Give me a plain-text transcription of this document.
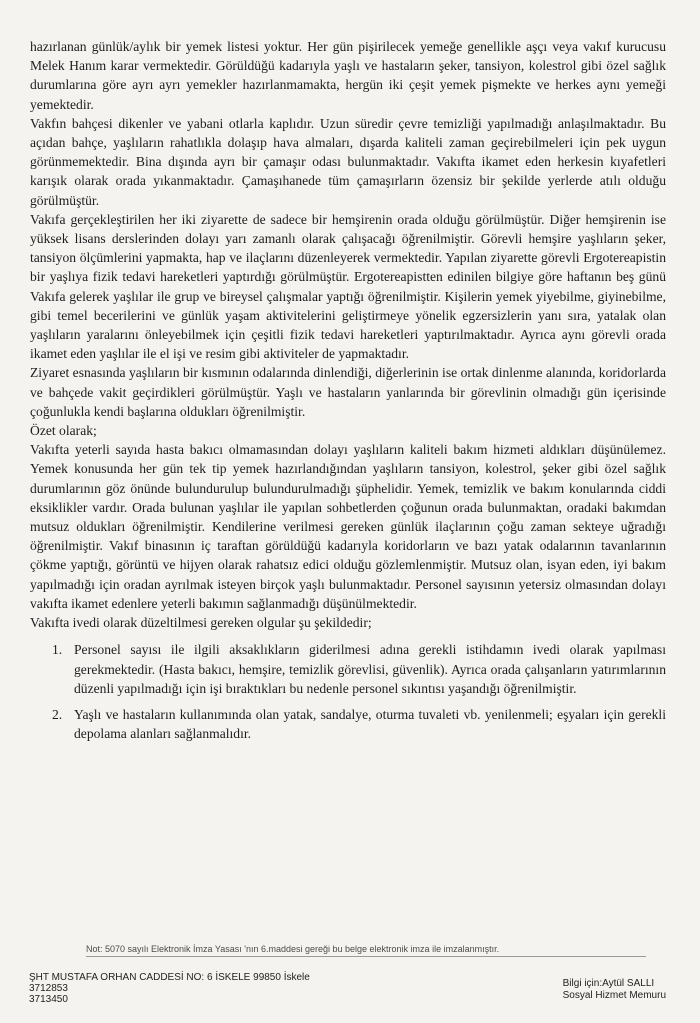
hazırlanan günlük/aylık bir yemek listesi yoktur. Her gün pişirilecek yemeğe genellikle aşçı veya vakıf kurucusu Melek Hanım karar vermektedir. Görüldüğü kadarıyla yaşlı ve hastaların şeker, tansiyon, kolestrol gibi özel sağlık durumlarına göre ayrı ayrı yemekler hazırlanmamakta, hergün iki çeşit yemek pişmekte ve herkes aynı yemeği yemektedir.

Vakfın bahçesi dikenler ve yabani otlarla kaplıdır. Uzun süredir çevre temizliği yapılmadığı anlaşılmaktadır. Bu açıdan bahçe, yaşlıların rahatlıkla dolaşıp hava almaları, dışarda kaliteli zaman geçirebilmeleri için pek uygun görünmemektedir. Bina dışında ayrı bir çamaşır odası bulunmaktadır. Vakıfta ikamet eden herkesin kıyafetleri karışık olarak orada yıkanmaktadır. Çamaşıhanede tüm çamaşırların özensiz bir şekilde yerlerde atılı olduğu görülmüştür.

Vakıfa gerçekleştirilen her iki ziyarette de sadece bir hemşirenin orada olduğu görülmüştür. Diğer hemşirenin ise yüksek lisans derslerinden dolayı yarı zamanlı olarak çalışacağı öğrenilmiştir. Görevli hemşire yaşlıların şeker, tansiyon ölçümlerini yapmakta, hap ve ilaçlarını düzenleyerek vermektedir. Yapılan ziyarette görevli Ergotereapistin bir yaşlıya fizik tedavi hareketleri yaptırdığı görülmüştür. Ergotereapistten edinilen bilgiye göre haftanın beş günü Vakıfa gelerek yaşlılar ile grup ve bireysel çalışmalar yaptığı öğrenilmiştir. Kişilerin yemek yiyebilme, giyinebilme, gibi temel becerilerini ve günlük yaşam aktivitelerini geliştirmeye yönelik egzersizlerin yanı sıra, yatalak olan yaşlıların yaralarını önleyebilmek için çeşitli fizik tedavi hareketleri yaptırılmaktadır. Ayrıca aynı görevli orada ikamet eden yaşlılar ile el işi ve resim gibi aktiviteler de yapmaktadır.

Ziyaret esnasında yaşlıların bir kısmının odalarında dinlendiği, diğerlerinin ise ortak dinlenme alanında, koridorlarda ve bahçede vakit geçirdikleri görülmüştür. Yaşlı ve hastaların yanlarında bir görevlinin olmadığı gün içerisinde çoğunlukla kendi başlarına oldukları öğrenilmiştir.

Özet olarak;

Vakıfta yeterli sayıda hasta bakıcı olmamasından dolayı yaşlıların kaliteli bakım hizmeti aldıkları düşünülemez. Yemek konusunda her gün tek tip yemek hazırlandığından yaşlıların tansiyon, kolestrol, şeker gibi özel sağlık durumlarının göz önünde bulundurulup bulundurulmadığı şüphelidir. Yemek, temizlik ve bakım konularında ciddi eksiklikler vardır. Orada bulunan yaşlılar ile yapılan sohbetlerden çoğunun orada bulunmaktan, oradaki bakımdan mutsuz oldukları öğrenilmiştir. Kendilerine verilmesi gereken günlük ilaçlarının çoğu zaman sekteye uğradığı öğrenilmiştir. Vakıf binasının iç taraftan görüldüğü kadarıyla koridorların ve bazı yatak odalarının tavanlarının çökme yaptığı, görüntü ve hijyen olarak rahatsız edici olduğu gözlemlenmiştir. Mutsuz olan, isyan eden, iyi bakım yapılmadığı için oradan ayrılmak isteyen birçok yaşlı bulunmaktadır. Personel sayısının yetersiz olmasından dolayı vakıfta ikamet edenlere yeterli bakımın sağlanmadığı düşünülmektedir.

Vakıfta ivedi olarak düzeltilmesi gereken olgular şu şekildedir;

1. Personel sayısı ile ilgili aksaklıkların giderilmesi adına gerekli istihdamın ivedi olarak yapılması gerekmektedir. (Hasta bakıcı, hemşire, temizlik görevlisi, güvenlik). Ayrıca orada çalışanların yatırımlarının düzenli yapılmadığı için işi bıraktıkları bu nedenle personel sıkıntısı yaşandığı öğrenilmiştir.
2. Yaşlı ve hastaların kullanımında olan yatak, sandalye, oturma tuvaleti vb. yenilenmeli; eşyaları için gerekli depolama alanları sağlanmalıdır.
Not: 5070 sayılı Elektronik İmza Yasası 'nın 6.maddesi gereği bu belge elektronik imza ile imzalanmıştır.
ŞHT MUSTAFA ORHAN CADDESİ NO: 6 İSKELE 99850 İskele
3712853
3713450
Bilgi için:Aytül SALLI
Sosyal Hizmet Memuru
